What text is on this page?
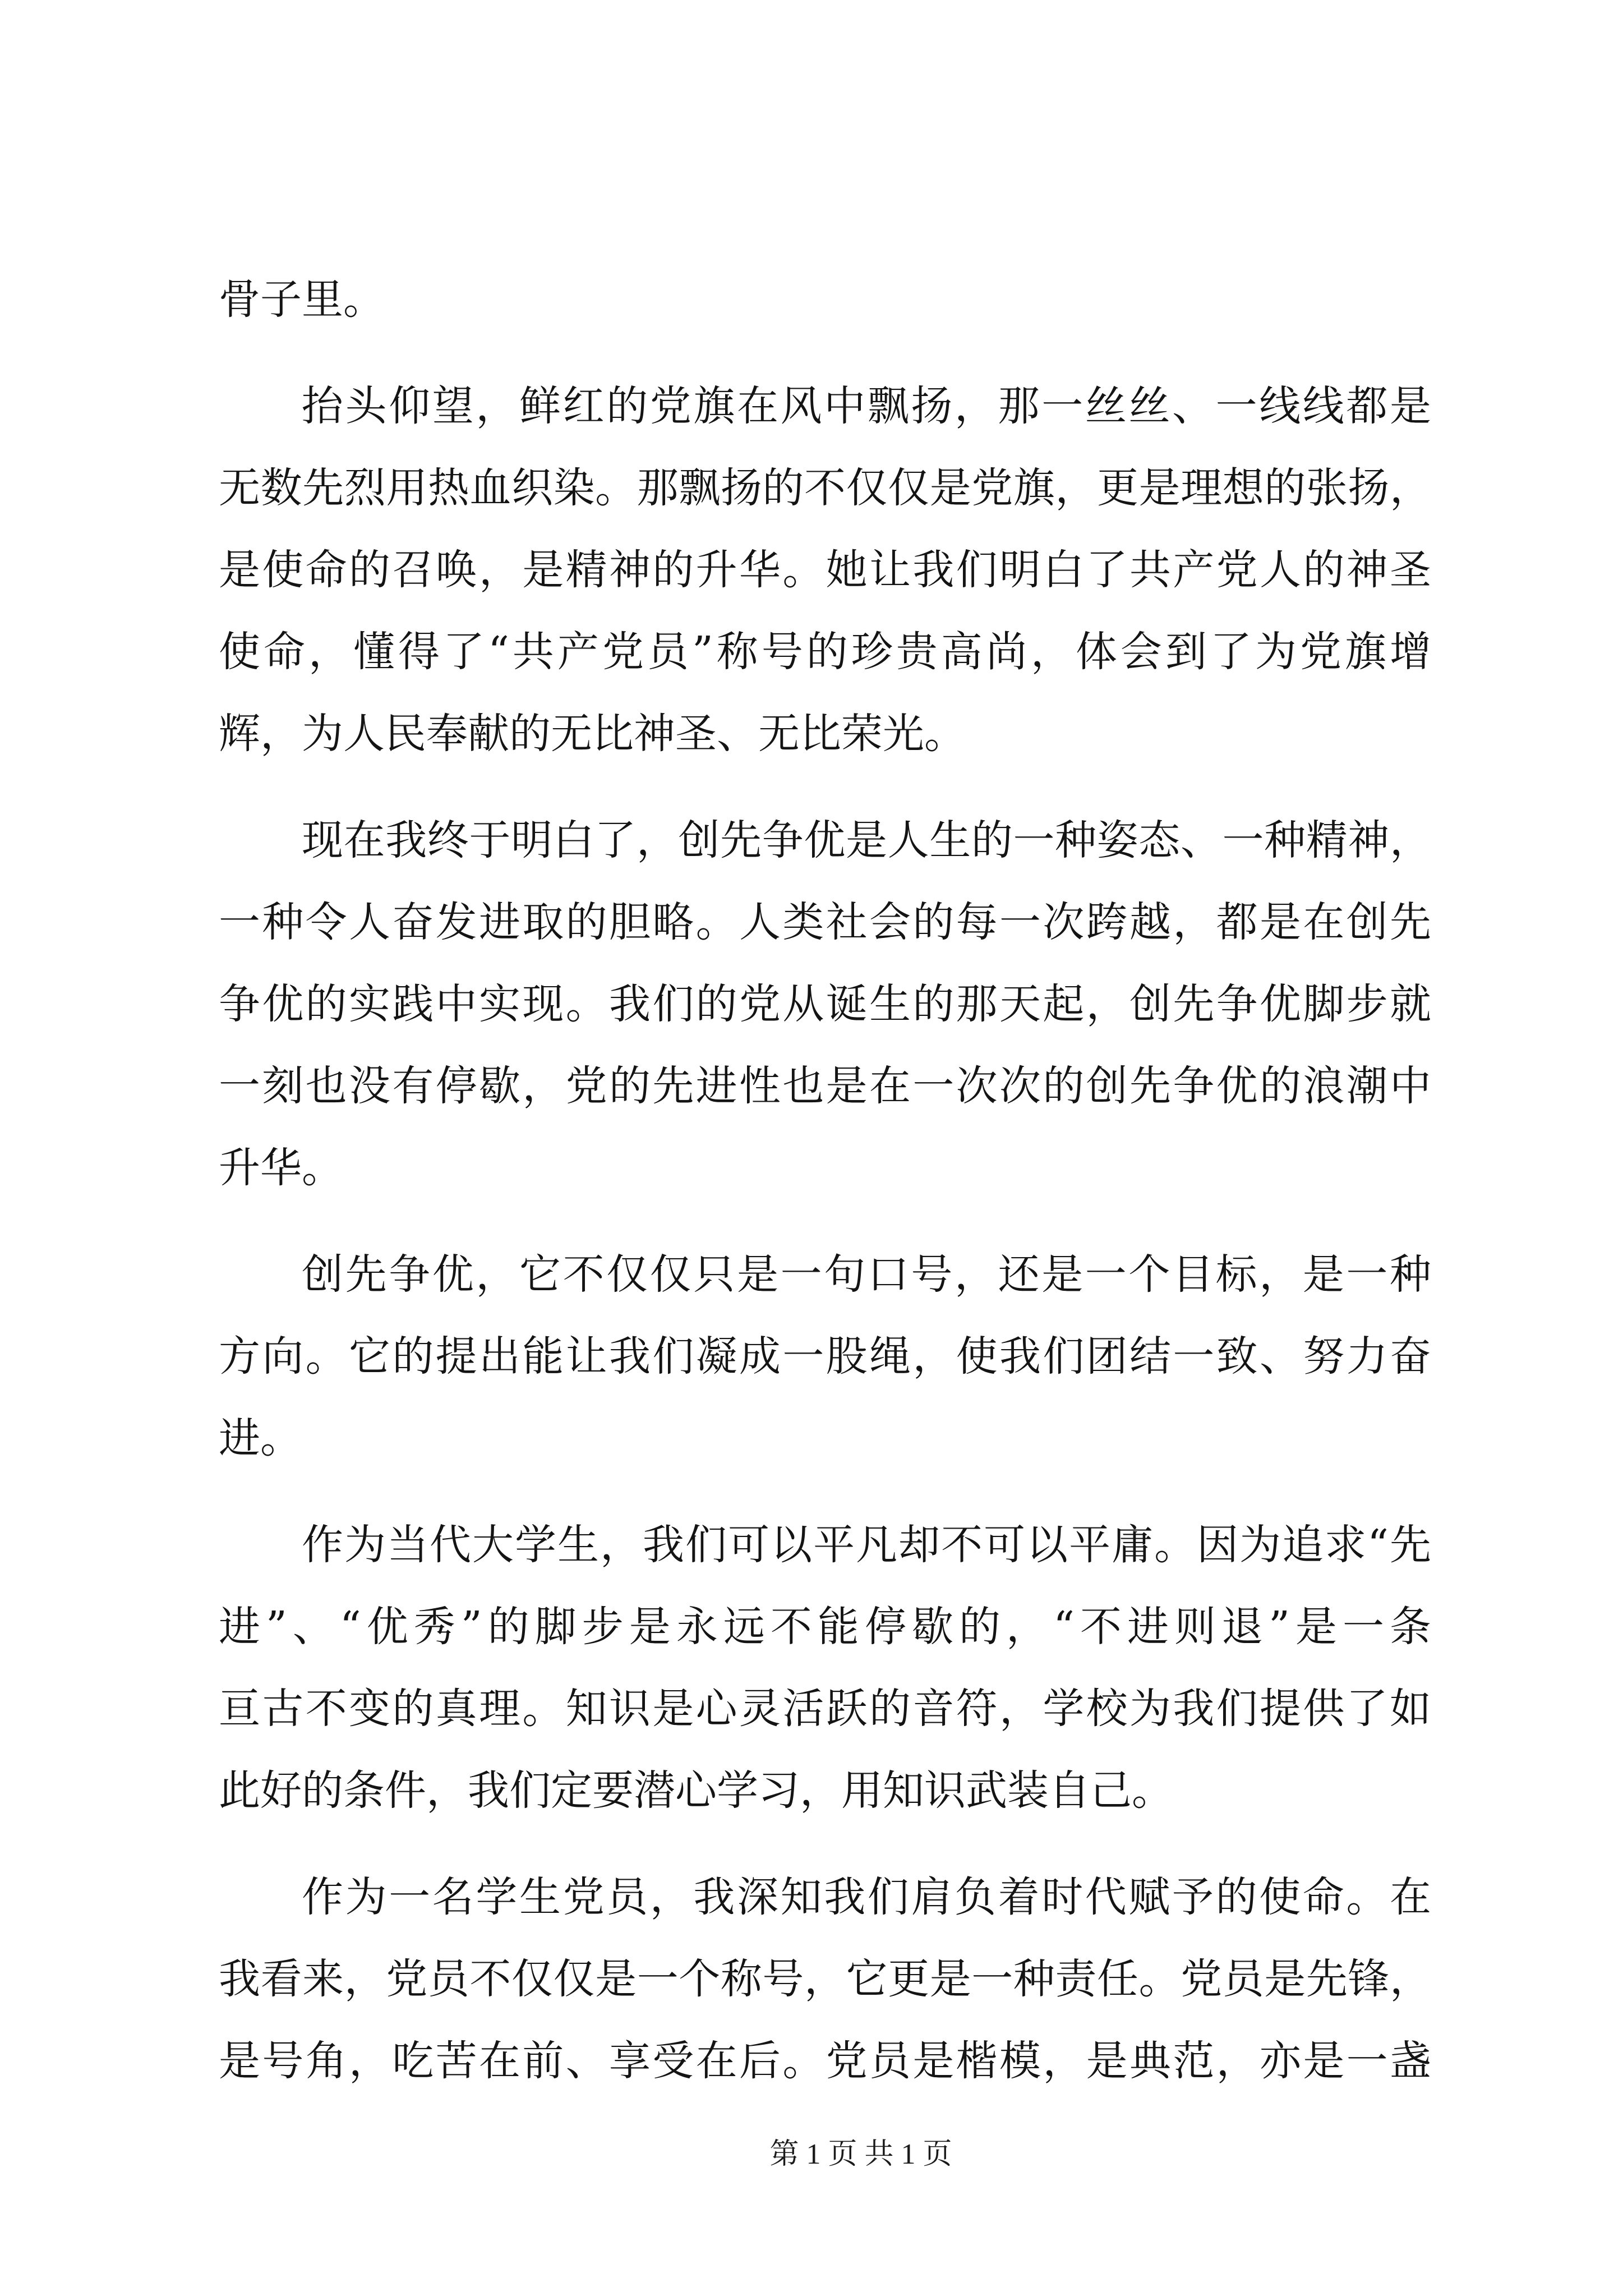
骨子里。
抬头仰望，鲜红的党旗在风中飘扬，那一丝丝、一线线都是
无数先烈用热血织染。那飘扬的不仅仅是党旗，更是理想的张扬，
是使命的召唤，是精神的升华。她让我们明白了共产党人的神圣
使命，懂得了“共产党员”称号的珍贵高尚，体会到了为党旗增
辉，为人民奉献的无比神圣、无比荣光。
现在我终于明白了，创先争优是人生的一种姿态、一种精神，
一种令人奋发进取的胆略。人类社会的每一次跨越，都是在创先
争优的实践中实现。我们的党从诞生的那天起，创先争优脚步就
一刻也没有停歇，党的先进性也是在一次次的创先争优的浪潮中
升华。
创先争优，它不仅仅只是一句口号，还是一个目标，是一种
方向。它的提出能让我们凝成一股绳，使我们团结一致、努力奋
进。
作为当代大学生，我们可以平凡却不可以平庸。因为追求“先
进”、“优秀”的脚步是永远不能停歇的，“不进则退”是一条
亘古不变的真理。知识是心灵活跃的音符，学校为我们提供了如
此好的条件，我们定要潜心学习，用知识武装自己。
作为一名学生党员，我深知我们肩负着时代赋予的使命。在
我看来，党员不仅仅是一个称号，它更是一种责任。党员是先锋，
是号角，吃苦在前、享受在后。党员是楷模，是典范，亦是一盏
第 1 页 共 1 页
